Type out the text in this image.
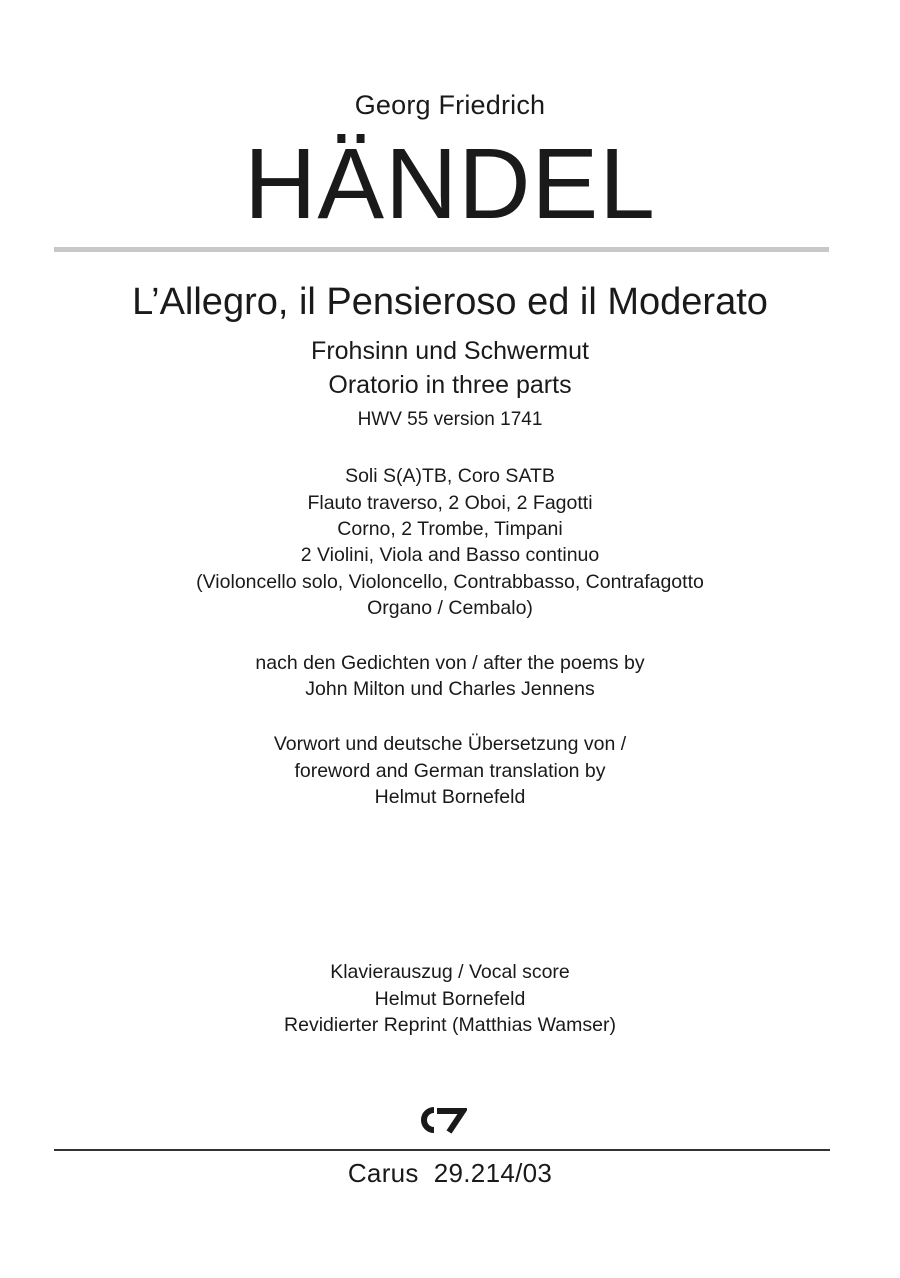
Georg Friedrich
HÄNDEL
L’Allegro, il Pensieroso ed il Moderato
Frohsinn und Schwermut
Oratorio in three parts
HWV 55 version 1741
Soli S(A)TB, Coro SATB
Flauto traverso, 2 Oboi, 2 Fagotti
Corno, 2 Trombe, Timpani
2 Violini, Viola and Basso continuo
(Violoncello solo, Violoncello, Contrabbasso, Contrafagotto
Organo / Cembalo)
nach den Gedichten von / after the poems by
John Milton und Charles Jennens
Vorwort und deutsche Übersetzung von /
foreword and German translation by
Helmut Bornefeld
Klavierauszug / Vocal score
Helmut Bornefeld
Revidierter Reprint (Matthias Wamser)
Carus  29.214/03
